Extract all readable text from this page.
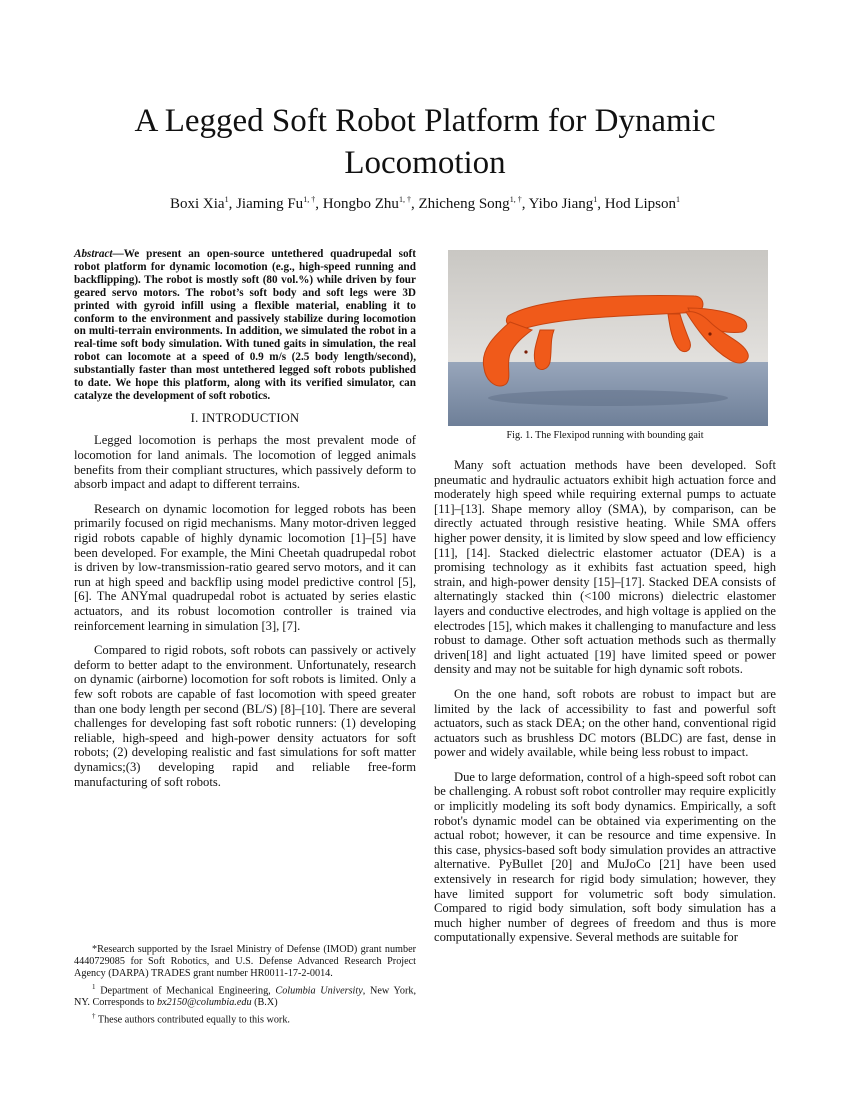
A Legged Soft Robot Platform for Dynamic Locomotion
Boxi Xia$^1$, Jiaming $Fu^{1, \dagger}$, Hongbo Zhu$^{1, \dagger}$, Zhicheng Song$^{1, \dagger}$, Yibo Jiang$^1$, Hod Lipson$^1$
Abstract—We present an open-source untethered quadrupedal soft robot platform for dynamic locomotion (e.g., high-speed running and backflipping). The robot is mostly soft (80 vol.%) while driven by four geared servo motors. The robot’s soft body and soft legs were 3D printed with gyroid infill using a flexible material, enabling it to conform to the environment and passively stabilize during locomotion on multi-terrain environments. In addition, we simulated the robot in a real-time soft body simulation. With tuned gaits in simulation, the real robot can locomote at a speed of 0.9 m/s (2.5 body length/second), substantially faster than most untethered legged soft robots published to date. We hope this platform, along with its verified simulator, can catalyze the development of soft robotics.
I. INTRODUCTION

Legged locomotion is perhaps the most prevalent mode of locomotion for land animals. The locomotion of legged animals benefits from their compliant structures, which passively deform to absorb impact and adapt to different terrains.

Research on dynamic locomotion for legged robots has been primarily focused on rigid mechanisms. Many motor-driven legged rigid robots capable of highly dynamic locomotion [1]–[5] have been developed. For example, the Mini Cheetah quadrupedal robot is driven by low-transmission-ratio geared servo motors, and it can run at high speed and backflip using model predictive control [5], [6]. The ANYmal quadrupedal robot is actuated by series elastic actuators, and its robust locomotion controller is trained via reinforcement learning in simulation [3], [7].

Compared to rigid robots, soft robots can passively or actively deform to better adapt to the environment. Unfortunately, research on dynamic (airborne) locomotion for soft robots is limited. Only a few soft robots are capable of fast locomotion with speed greater than one body length per second (BL/S) [8]–[10]. There are several challenges for developing fast soft robotic runners: (1) developing reliable, high-speed and high-power density actuators for soft robots; (2) developing realistic and fast simulations for soft matter dynamics;(3) developing rapid and reliable free-form manufacturing of soft robots.

Fig. 1. The Flexipod running with bounding gait

Many soft actuation methods have been developed. Soft pneumatic and hydraulic actuators exhibit high actuation force and moderately high speed while requiring external pumps to actuate [11]–[13]. Shape memory alloy (SMA), by comparison, can be directly actuated through resistive heating. While SMA offers higher power density, it is limited by slow speed and low efficiency [11], [14]. Stacked dielectric elastomer actuator (DEA) is a promising technology as it exhibits fast actuation speed, high strain, and high-power density [15]–[17]. Stacked DEA consists of alternatingly stacked thin (<100 microns) dielectric elastomer layers and conductive electrodes, and high voltage is applied on the electrodes [15], which makes it challenging to manufacture and less robust to damage. Other soft actuation methods such as thermally driven[18] and light actuated [19] have limited speed or power density and may not be suitable for high dynamic soft robots.

On the one hand, soft robots are robust to impact but are limited by the lack of accessibility to fast and powerful soft actuators, such as stack DEA; on the other hand, conventional rigid actuators such as brushless DC motors (BLDC) are fast, dense in power and widely available, while being less robust to impact.

Due to large deformation, control of a high-speed soft robot can be challenging. A robust soft robot controller may require explicitly or implicitly modeling its soft body dynamics. Empirically, a soft robot's dynamic model can be obtained via experimenting on the actual robot; however, it can be resource and time expensive. In this case, physics-based soft body simulation provides an attractive alternative. PyBullet [20] and MuJoCo [21] have been used extensively in research for rigid body simulation; however, they have limited support for volumetric soft body simulation. Compared to rigid body simulation, soft body simulation has a much higher number of degrees of freedom and thus is more computationally expensive. Several methods are suitable for

*Research supported by the Israel Ministry of Defense (IMOD) grant number 4440729085 for Soft Robotics, and U.S. Defense Advanced Research Project Agency (DARPA) TRADES grant number HR0011-17-2-0014.

$^1$ Department of Mechanical Engineering, Columbia University, New York, NY. Corresponds to bx2150@columbia.edu (B.X)

† These authors contributed equally to this work.
